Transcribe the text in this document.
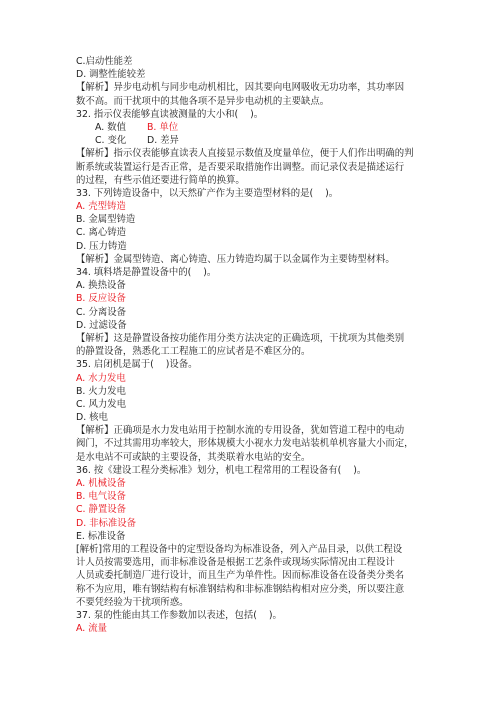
C.启动性能差
D. 调整性能较差
【解析】异步电动机与同步电动机相比，因其要向电网吸收无功功率，其功率因
数不高。而干扰项中的其他各项不是异步电动机的主要缺点。
32. 指示仪表能够直读被测量的大小和(    )。
A. 数值	B. 单位
C. 变化	D. 差异
【解析】指示仪表能够直读表人直接显示数值及度量单位，便于人们作出明确的判
断系统或装置运行是否正常，是否要采取措施作出调整。而记录仪表是描述运行
的过程，有些示值还要进行简单的换算。
33. 下列铸造设备中，以天然矿产作为主要造型材料的是(    )。
A. 壳型铸造
B. 金属型铸造
C. 离心铸造
D. 压力铸造
【解析】金属型铸造、离心铸造、压力铸造均属于以金属作为主要铸型材料。
34. 填料塔是静置设备中的(    )。
A. 换热设备
B. 反应设备
C. 分离设备
D. 过滤设备
【解析】这是静置设备按功能作用分类方法决定的正确选项，干扰项为其他类别
的静置设备，熟悉化工工程施工的应试者是不难区分的。
35. 启闭机是属于(    )设备。
A. 水力发电
B. 火力发电
C. 风力发电
D. 核电
【解析】正确项是水力发电站用于控制水流的专用设备，犹如管道工程中的电动
阀门，不过其需用功率较大，形体规模大小视水力发电站装机单机容量大小而定，
是水电站不可或缺的主要设备，其类联着水电站的安全。
36. 按《建设工程分类标准》划分，机电工程常用的工程设备有(    )。
A. 机械设备
B. 电气设备
C. 静置设备
D. 非标准设备
E. 标准设备
[解析]常用的工程设备中的定型设备均为标准设备，列入产品目录，以供工程设
计人员按需要选用，而非标准设备是根据工艺条件或现场实际情况由工程设计
人员或委托制造厂进行设计，而且生产为单件性。因而标准设备在设备类分类名
称不为应用，唯有钢结构有标准钢结构和非标准钢结构相对应分类，所以要注意
不要凭经验为干扰项所惑。
37. 泵的性能由其工作参数加以表述，包括(    )。
A. 流量
